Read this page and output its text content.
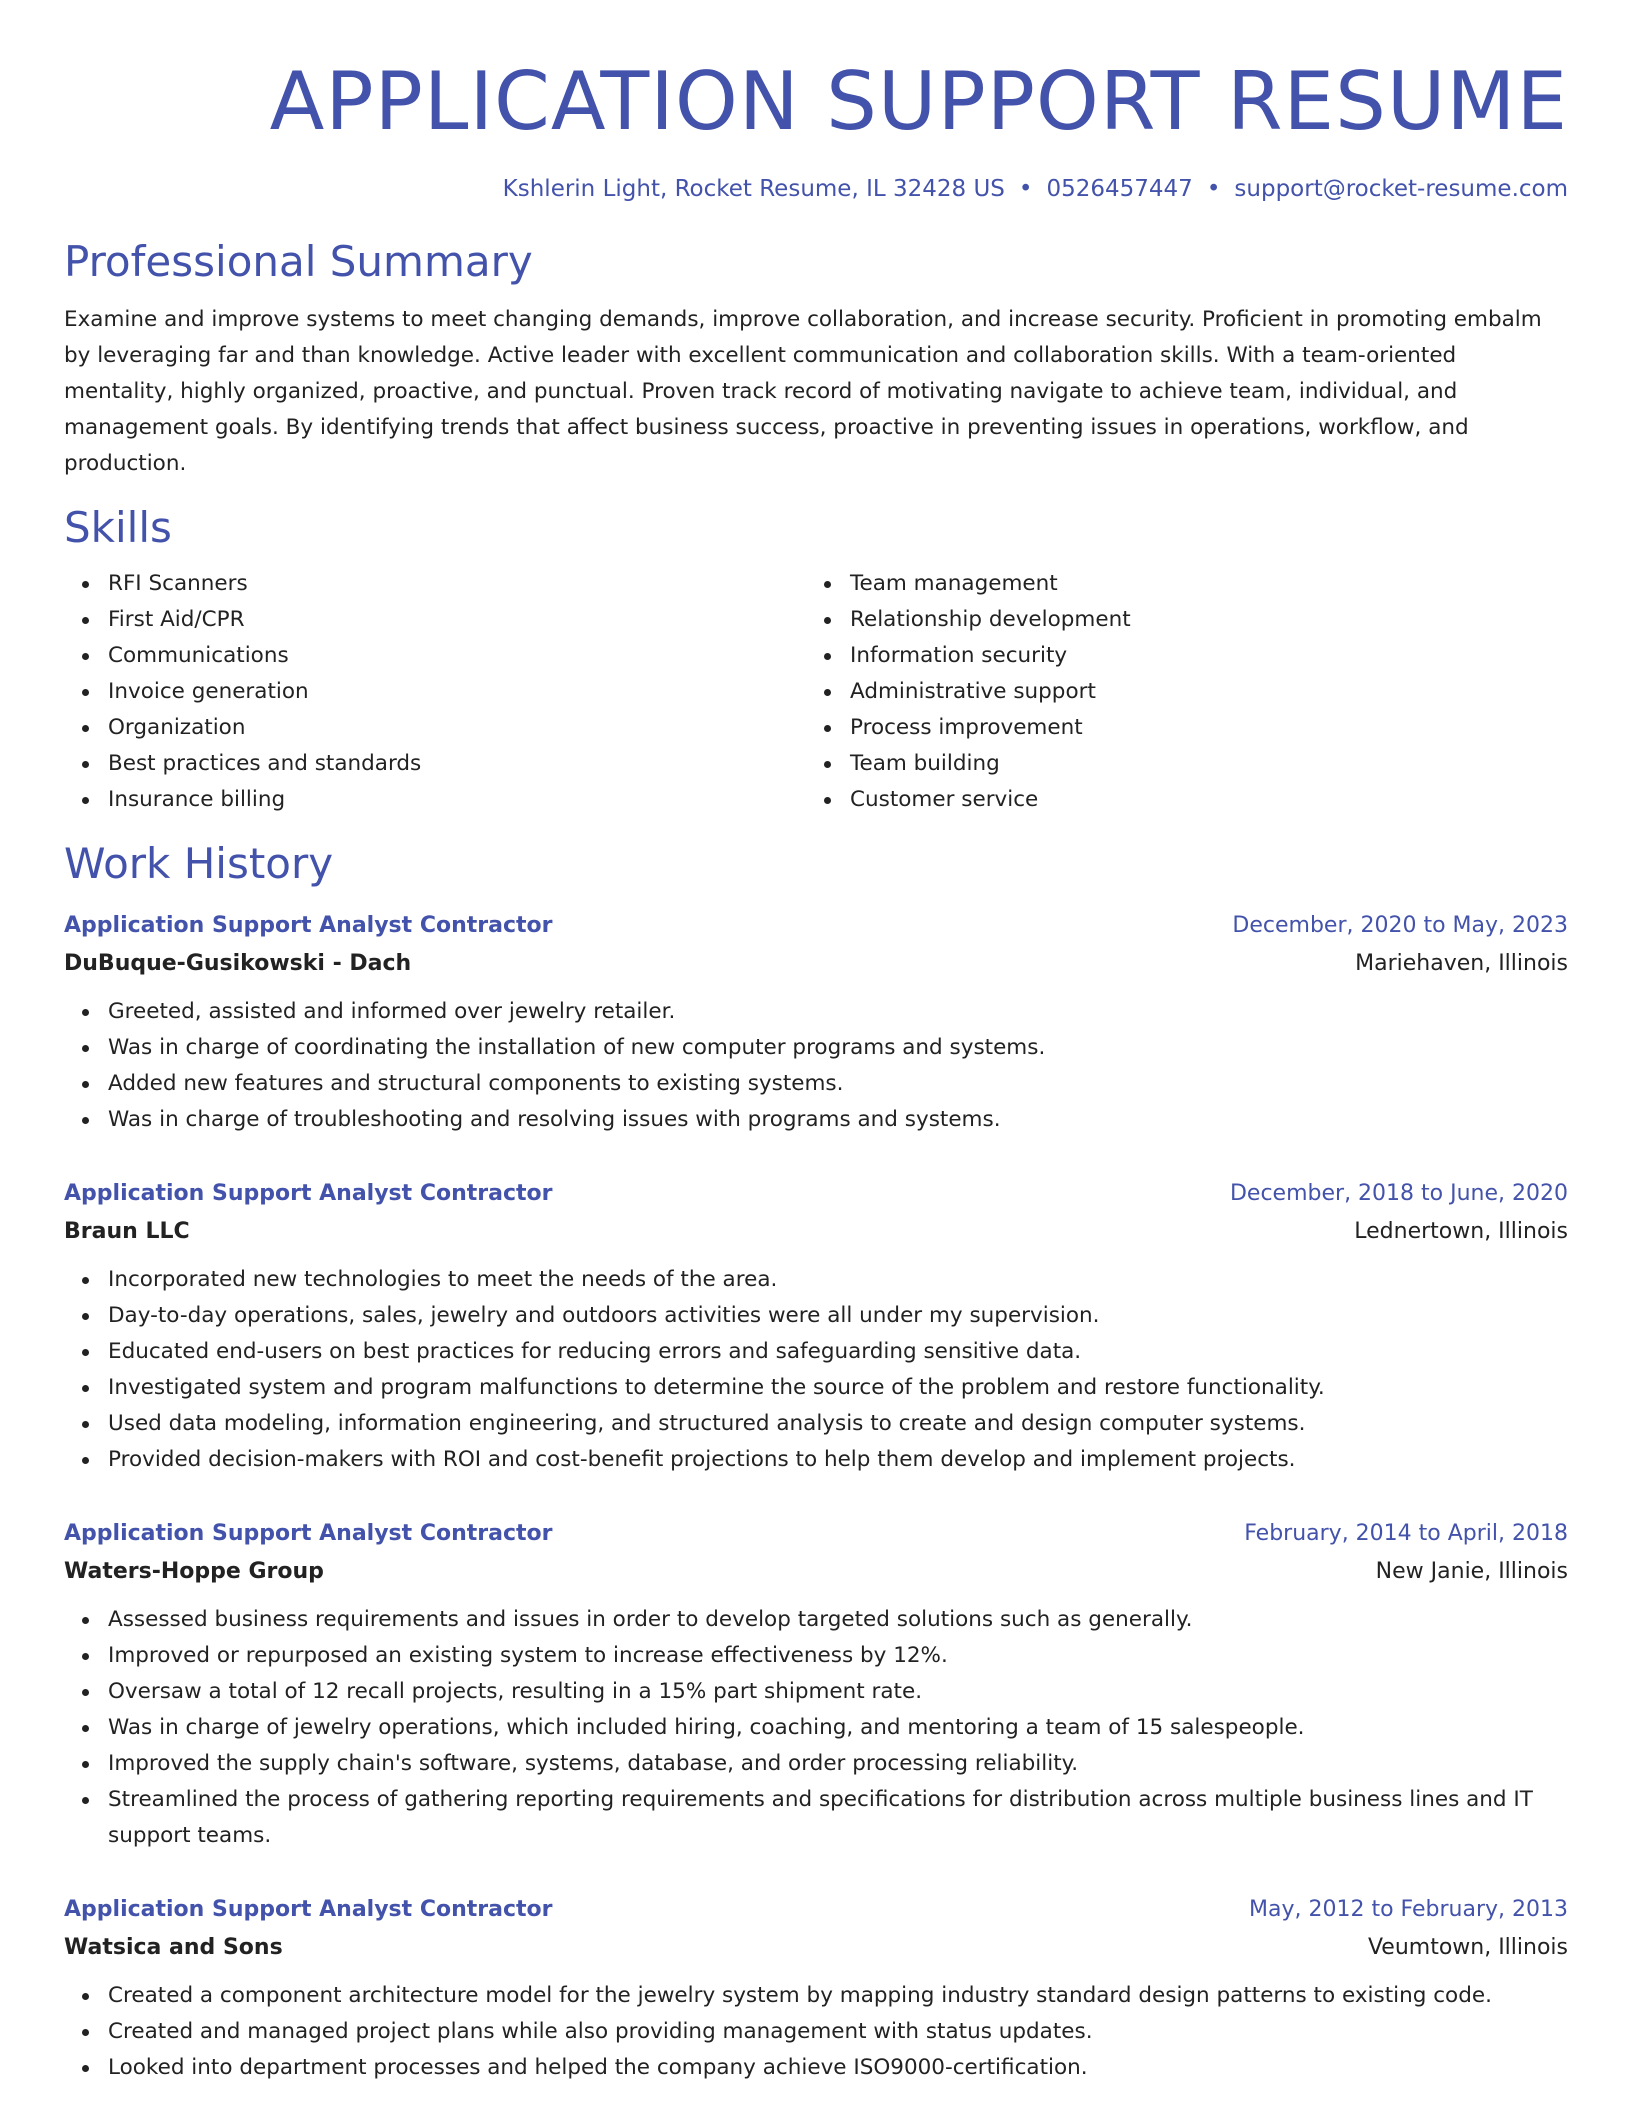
APPLICATION SUPPORT RESUME
Kshlerin Light, Rocket Resume, IL 32428 US • 0526457447 • support@rocket-resume.com
Professional Summary

Examine and improve systems to meet changing demands, improve collaboration, and increase security. Proficient in promoting embalm by leveraging far and than knowledge. Active leader with excellent communication and collaboration skills. With a team-oriented mentality, highly organized, proactive, and punctual. Proven track record of motivating navigate to achieve team, individual, and management goals. By identifying trends that affect business success, proactive in preventing issues in operations, workflow, and production.

Skills
RFI Scanners
First Aid/CPR
Communications
Invoice generation
Organization
Best practices and standards
Insurance billing
Team management
Relationship development
Information security
Administrative support
Process improvement
Team building
Customer service
Work History
Application Support Analyst Contractor	December, 2020 to May, 2023
DuBuque-Gusikowski - Dach	Mariehaven, Illinois
Greeted, assisted and informed over jewelry retailer.
Was in charge of coordinating the installation of new computer programs and systems.
Added new features and structural components to existing systems.
Was in charge of troubleshooting and resolving issues with programs and systems.
Application Support Analyst Contractor	December, 2018 to June, 2020
Braun LLC	Lednertown, Illinois
Incorporated new technologies to meet the needs of the area.
Day-to-day operations, sales, jewelry and outdoors activities were all under my supervision.
Educated end-users on best practices for reducing errors and safeguarding sensitive data.
Investigated system and program malfunctions to determine the source of the problem and restore functionality.
Used data modeling, information engineering, and structured analysis to create and design computer systems.
Provided decision-makers with ROI and cost-benefit projections to help them develop and implement projects.
Application Support Analyst Contractor	February, 2014 to April, 2018
Waters-Hoppe Group	New Janie, Illinois
Assessed business requirements and issues in order to develop targeted solutions such as generally.
Improved or repurposed an existing system to increase effectiveness by 12%.
Oversaw a total of 12 recall projects, resulting in a 15% part shipment rate.
Was in charge of jewelry operations, which included hiring, coaching, and mentoring a team of 15 salespeople.
Improved the supply chain's software, systems, database, and order processing reliability.
Streamlined the process of gathering reporting requirements and specifications for distribution across multiple business lines and IT support teams.
Application Support Analyst Contractor	May, 2012 to February, 2013
Watsica and Sons	Veumtown, Illinois
Created a component architecture model for the jewelry system by mapping industry standard design patterns to existing code.
Created and managed project plans while also providing management with status updates.
Looked into department processes and helped the company achieve ISO9000-certification.
